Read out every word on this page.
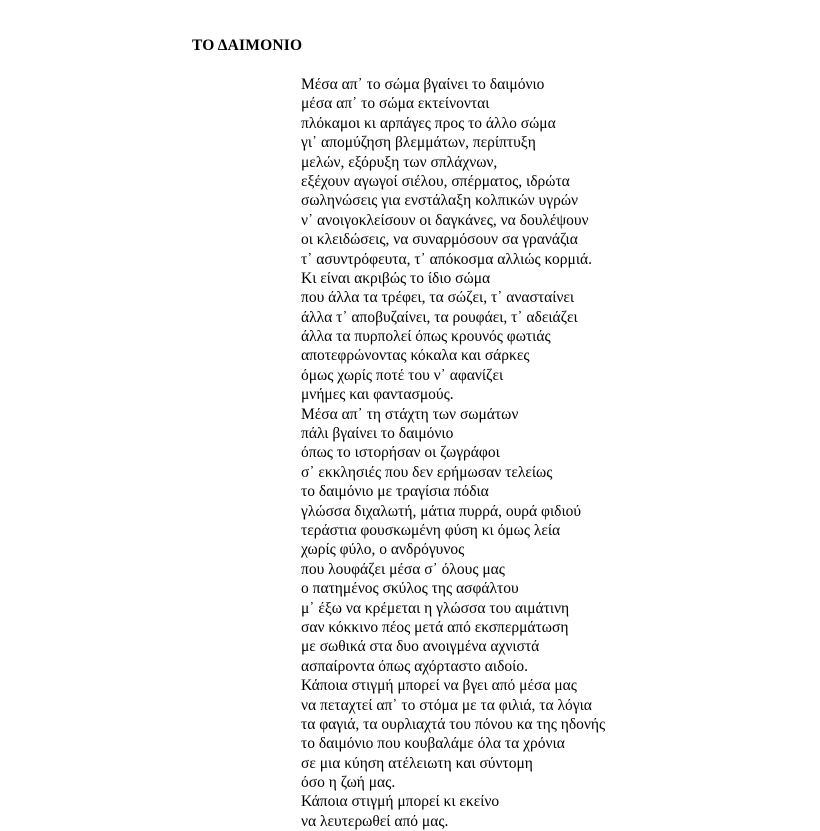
ΤΟ ΔΑΙΜΟΝΙΟ
Μέσα απ᾽ το σώμα βγαίνει το δαιμόνιο
μέσα απ᾽ το σώμα εκτείνονται
πλόκαμοι κι αρπάγες προς το άλλο σώμα
γι᾽ απομύζηση βλεμμάτων, περίπτυξη
μελών, εξόρυξη των σπλάχνων,
εξέχουν αγωγοί σιέλου, σπέρματος, ιδρώτα
σωληνώσεις για ενστάλαξη κολπικών υγρών
ν᾽ ανοιγοκλείσουν οι δαγκάνες, να δουλέψουν
οι κλειδώσεις, να συναρμόσουν σα γρανάζια
τ᾽ ασυντρόφευτα, τ᾽ απόκοσμα αλλιώς κορμιά.
Κι είναι ακριβώς το ίδιο σώμα
που άλλα τα τρέφει, τα σώζει, τ᾽ ανασταίνει
άλλα τ᾽ αποβυζαίνει, τα ρουφάει, τ᾽ αδειάζει
άλλα τα πυρπολεί όπως κρουνός φωτιάς
αποτεφρώνοντας κόκαλα και σάρκες
όμως χωρίς ποτέ του ν᾽ αφανίζει
μνήμες και φαντασμούς.
Μέσα απ᾽ τη στάχτη των σωμάτων
πάλι βγαίνει το δαιμόνιο
όπως το ιστορήσαν οι ζωγράφοι
σ᾽ εκκλησιές που δεν ερήμωσαν τελείως
το δαιμόνιο με τραγίσια πόδια
γλώσσα διχαλωτή, μάτια πυρρά, ουρά φιδιού
τεράστια φουσκωμένη φύση κι όμως λεία
χωρίς φύλο, ο ανδρόγυνος
που λουφάζει μέσα σ᾽ όλους μας
ο πατημένος σκύλος της ασφάλτου
μ᾽ έξω να κρέμεται η γλώσσα του αιμάτινη
σαν κόκκινο πέος μετά από εκσπερμάτωση
με σωθικά στα δυο ανοιγμένα αχνιστά
ασπαίροντα όπως αχόρταστο αιδοίο.
Κάποια στιγμή μπορεί να βγει από μέσα μας
να πεταχτεί απ᾽ το στόμα με τα φιλιά, τα λόγια
τα φαγιά, τα ουρλιαχτά του πόνου κα της ηδονής
το δαιμόνιο που κουβαλάμε όλα τα χρόνια
σε μια κύηση ατέλειωτη και σύντομη
όσο η ζωή μας.
Κάποια στιγμή μπορεί κι εκείνο
να λευτερωθεί από μας.
